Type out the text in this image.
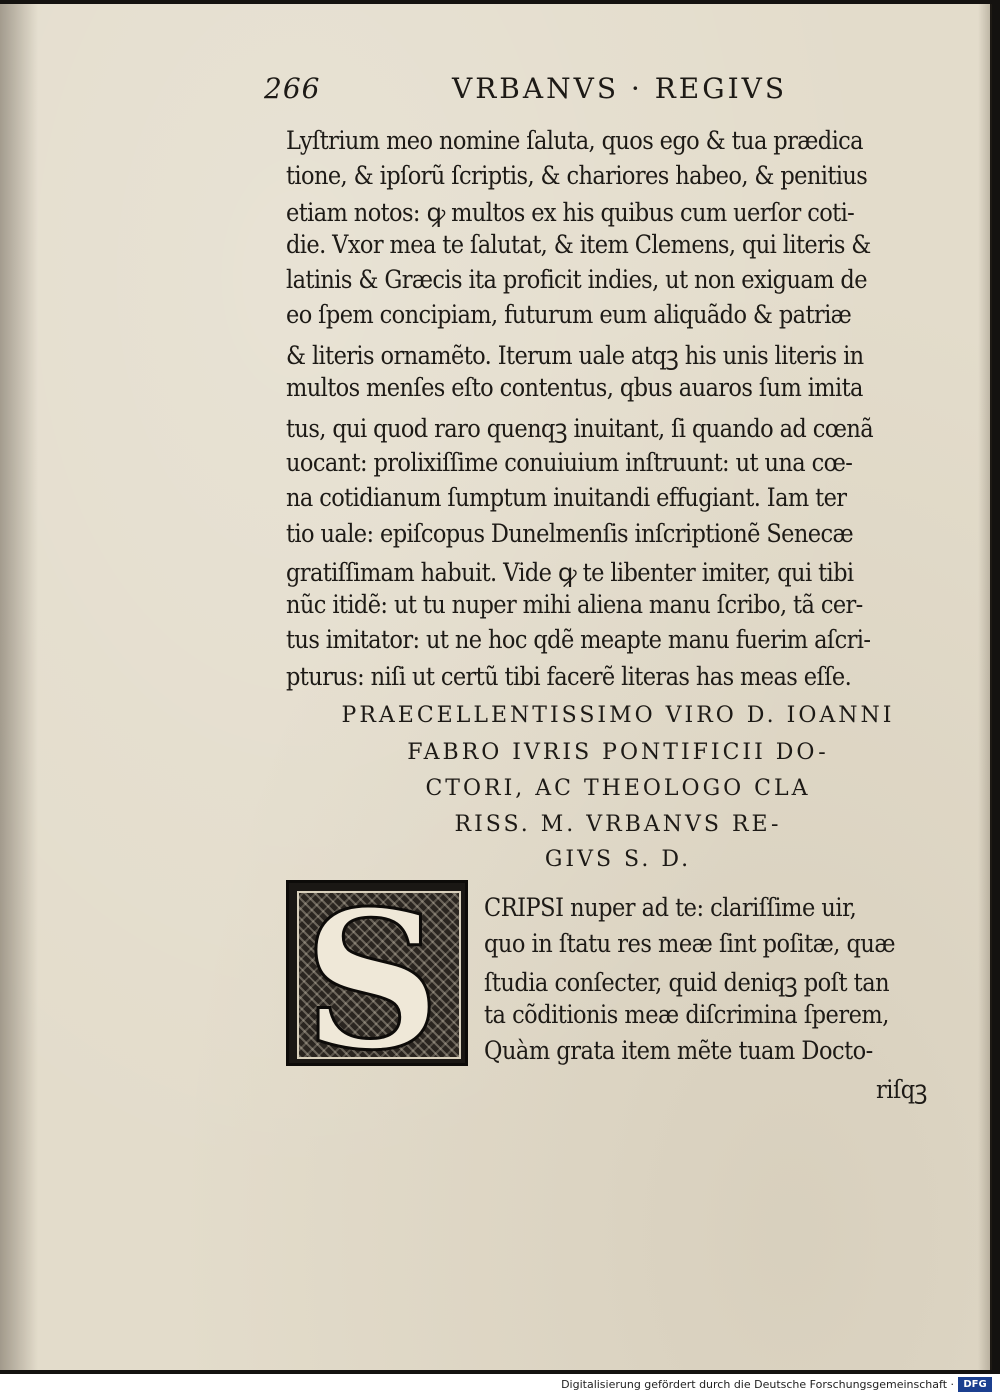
266	VRBANVS · REGIVS
Lyſtrium meo nomine ſaluta, quos ego & tua prædica
tione, & ipſorũ ſcriptis, & chariores habeo, & penitius
etiam notos: ꝙ multos ex his quibus cum uerſor coti-
die. Vxor mea te ſalutat, & item Clemens, qui literis &
latinis & Græcis ita proficit indies, ut non exiguam de
eo ſpem concipiam, futurum eum aliquãdo & patriæ
& literis ornamẽto. Iterum uale atqꝫ his unis literis in
multos menſes eſto contentus, qbus auaros ſum imita
tus, qui quod raro quenqꝫ inuitant, ſi quando ad cœnã
uocant: prolixiſſime conuiuium inſtruunt: ut una cœ-
na cotidianum ſumptum inuitandi effugiant. Iam ter
tio uale: epiſcopus Dunelmenſis inſcriptionẽ Senecæ
gratiſſimam habuit. Vide ꝙ te libenter imiter, qui tibi
nũc itidẽ: ut tu nuper mihi aliena manu ſcribo, tã cer-
tus imitator: ut ne hoc qdẽ meapte manu fuerim aſcri-
pturus: niſi ut certũ tibi facerẽ literas has meas eſſe.
PRAECELLENTISSIMO VIRO D. IOANNI
FABRO IVRIS PONTIFICII DO-
CTORI, AC THEOLOGO CLA
RISS. M. VRBANVS RE-
GIVS S. D.
S	CRIPSI nuper ad te: clariſſime uir,
quo in ſtatu res meæ ſint poſitæ, quæ
ſtudia conſecter, quid deniqꝫ poſt tan
ta cõditionis meæ diſcrimina ſperem,
Quàm grata item mẽte tuam Docto-
riſqꝫ
Digitalisierung gefördert durch die Deutsche Forschungsgemeinschaft · DFG
